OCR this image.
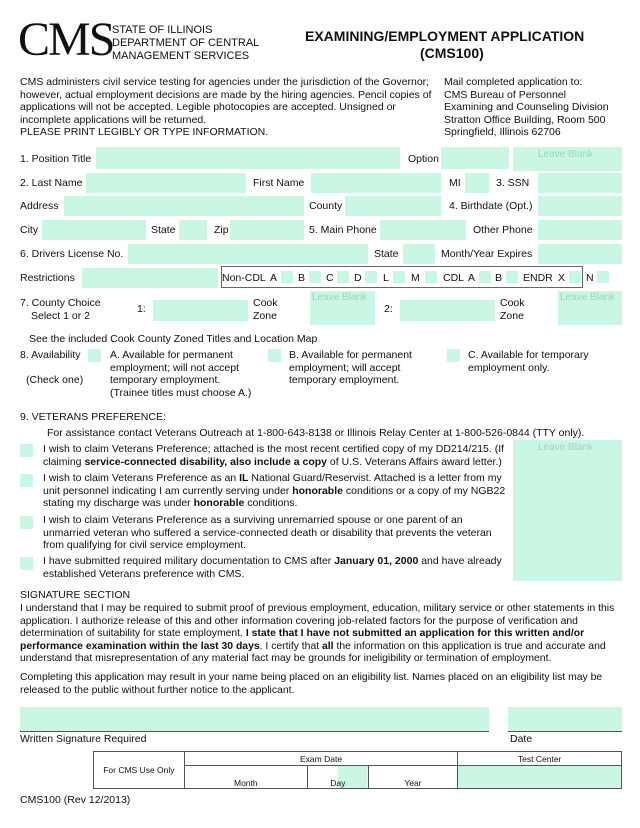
CMS
STATE OF ILLINOIS
DEPARTMENT OF CENTRAL
MANAGEMENT SERVICES
EXAMINING/EMPLOYMENT APPLICATION
(CMS100)
CMS administers civil service testing for agencies under the jurisdiction of the Governor;
however, actual employment decisions are made by the hiring agencies. Pencil copies of
applications will not be accepted. Legible photocopies are accepted. Unsigned or
incomplete applications will be returned.
PLEASE PRINT LEGIBLY OR TYPE INFORMATION.
Mail completed application to:
CMS Bureau of Personnel
Examining and Counseling Division
Stratton Office Building, Room 500
Springfield, Illinois 62706
1. Position Title	Option	Leave Blank
2. Last Name	First Name	MI	3. SSN
Address	County	4. Birthdate (Opt.)
City	State	Zip	5. Main Phone	Other Phone
6. Drivers License No.	State	Month/Year Expires
Restrictions	Non-CDL A B C D L M CDL A B ENDR X N
7. County Choice
Select 1 or 2
1:	Cook
Zone
Leave Blank
2:	Cook
Zone
Leave Blank
See the included Cook County Zoned Titles and Location Map
8. Availability
(Check one)
A. Available for permanent
employment; will not accept
temporary employment.
(Trainee titles must choose A.)
B. Available for permanent
employment; will accept
temporary employment.
C. Available for temporary
employment only.
9. VETERANS PREFERENCE:
For assistance contact Veterans Outreach at 1-800-643-8138 or Illinois Relay Center at 1-800-526-0844 (TTY only).
Leave Blank
I wish to claim Veterans Preference; attached is the most recent certified copy of my DD214/215. (If
claiming service-connected disability, also include a copy of U.S. Veterans Affairs award letter.)
I wish to claim Veterans Preference as an IL National Guard/Reservist. Attached is a letter from my
unit personnel indicating I am currently serving under honorable conditions or a copy of my NGB22
stating my discharge was under honorable conditions.
I wish to claim Veterans Preference as a surviving unremarried spouse or one parent of an
unmarried veteran who suffered a service-connected death or disability that prevents the veteran
from qualifying for civil service employment.
I have submitted required military documentation to CMS after January 01, 2000 and have already
established Veterans preference with CMS.
SIGNATURE SECTION
I understand that I may be required to submit proof of previous employment, education, military service or other statements in this
application. I authorize release of this and other information covering job-related factors for the purpose of verification and
determination of suitability for state employment. I state that I have not submitted an application for this written and/or
performance examination within the last 30 days. I certify that all the information on this application is true and accurate and
understand that misrepresentation of any material fact may be grounds for ineligibility or termination of employment.
Completing this application may result in your name being placed on an eligibility list. Names placed on an eligibility list may be
released to the public without further notice to the applicant.
Written Signature Required	Date
For CMS Use Only	Exam Date			Test Center
	Month	Day	Year	
CMS100 (Rev 12/2013)
